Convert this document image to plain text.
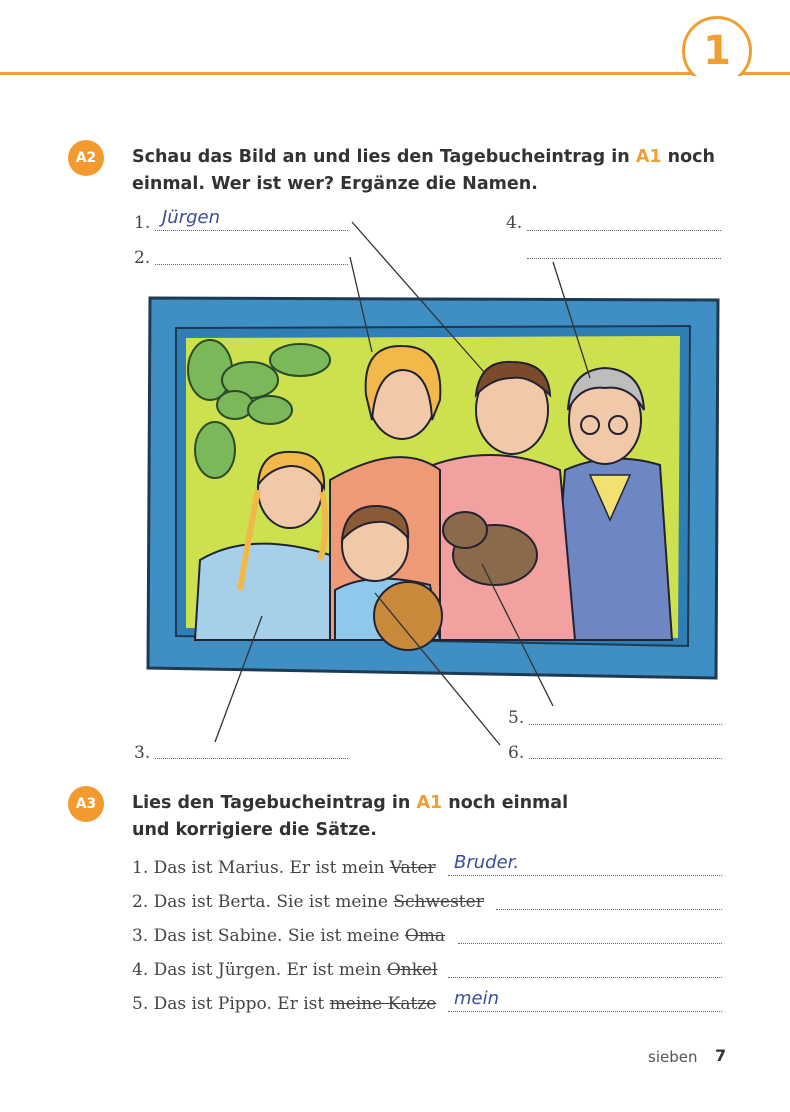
1
A2	Schau das Bild an und lies den Tagebucheintrag in A1 noch einmal. Wer ist wer? Ergänze die Namen.
1. Jürgen
2.
4.
5.
3.	6.
A3	Lies den Tagebucheintrag in A1 noch einmal und korrigiere die Sätze.
1. Das ist Marius. Er ist mein Vater Bruder.
2. Das ist Berta. Sie ist meine Schwester
3. Das ist Sabine. Sie ist meine Oma
4. Das ist Jürgen. Er ist mein Onkel
5. Das ist Pippo. Er ist meine Katze mein
sieben 7
